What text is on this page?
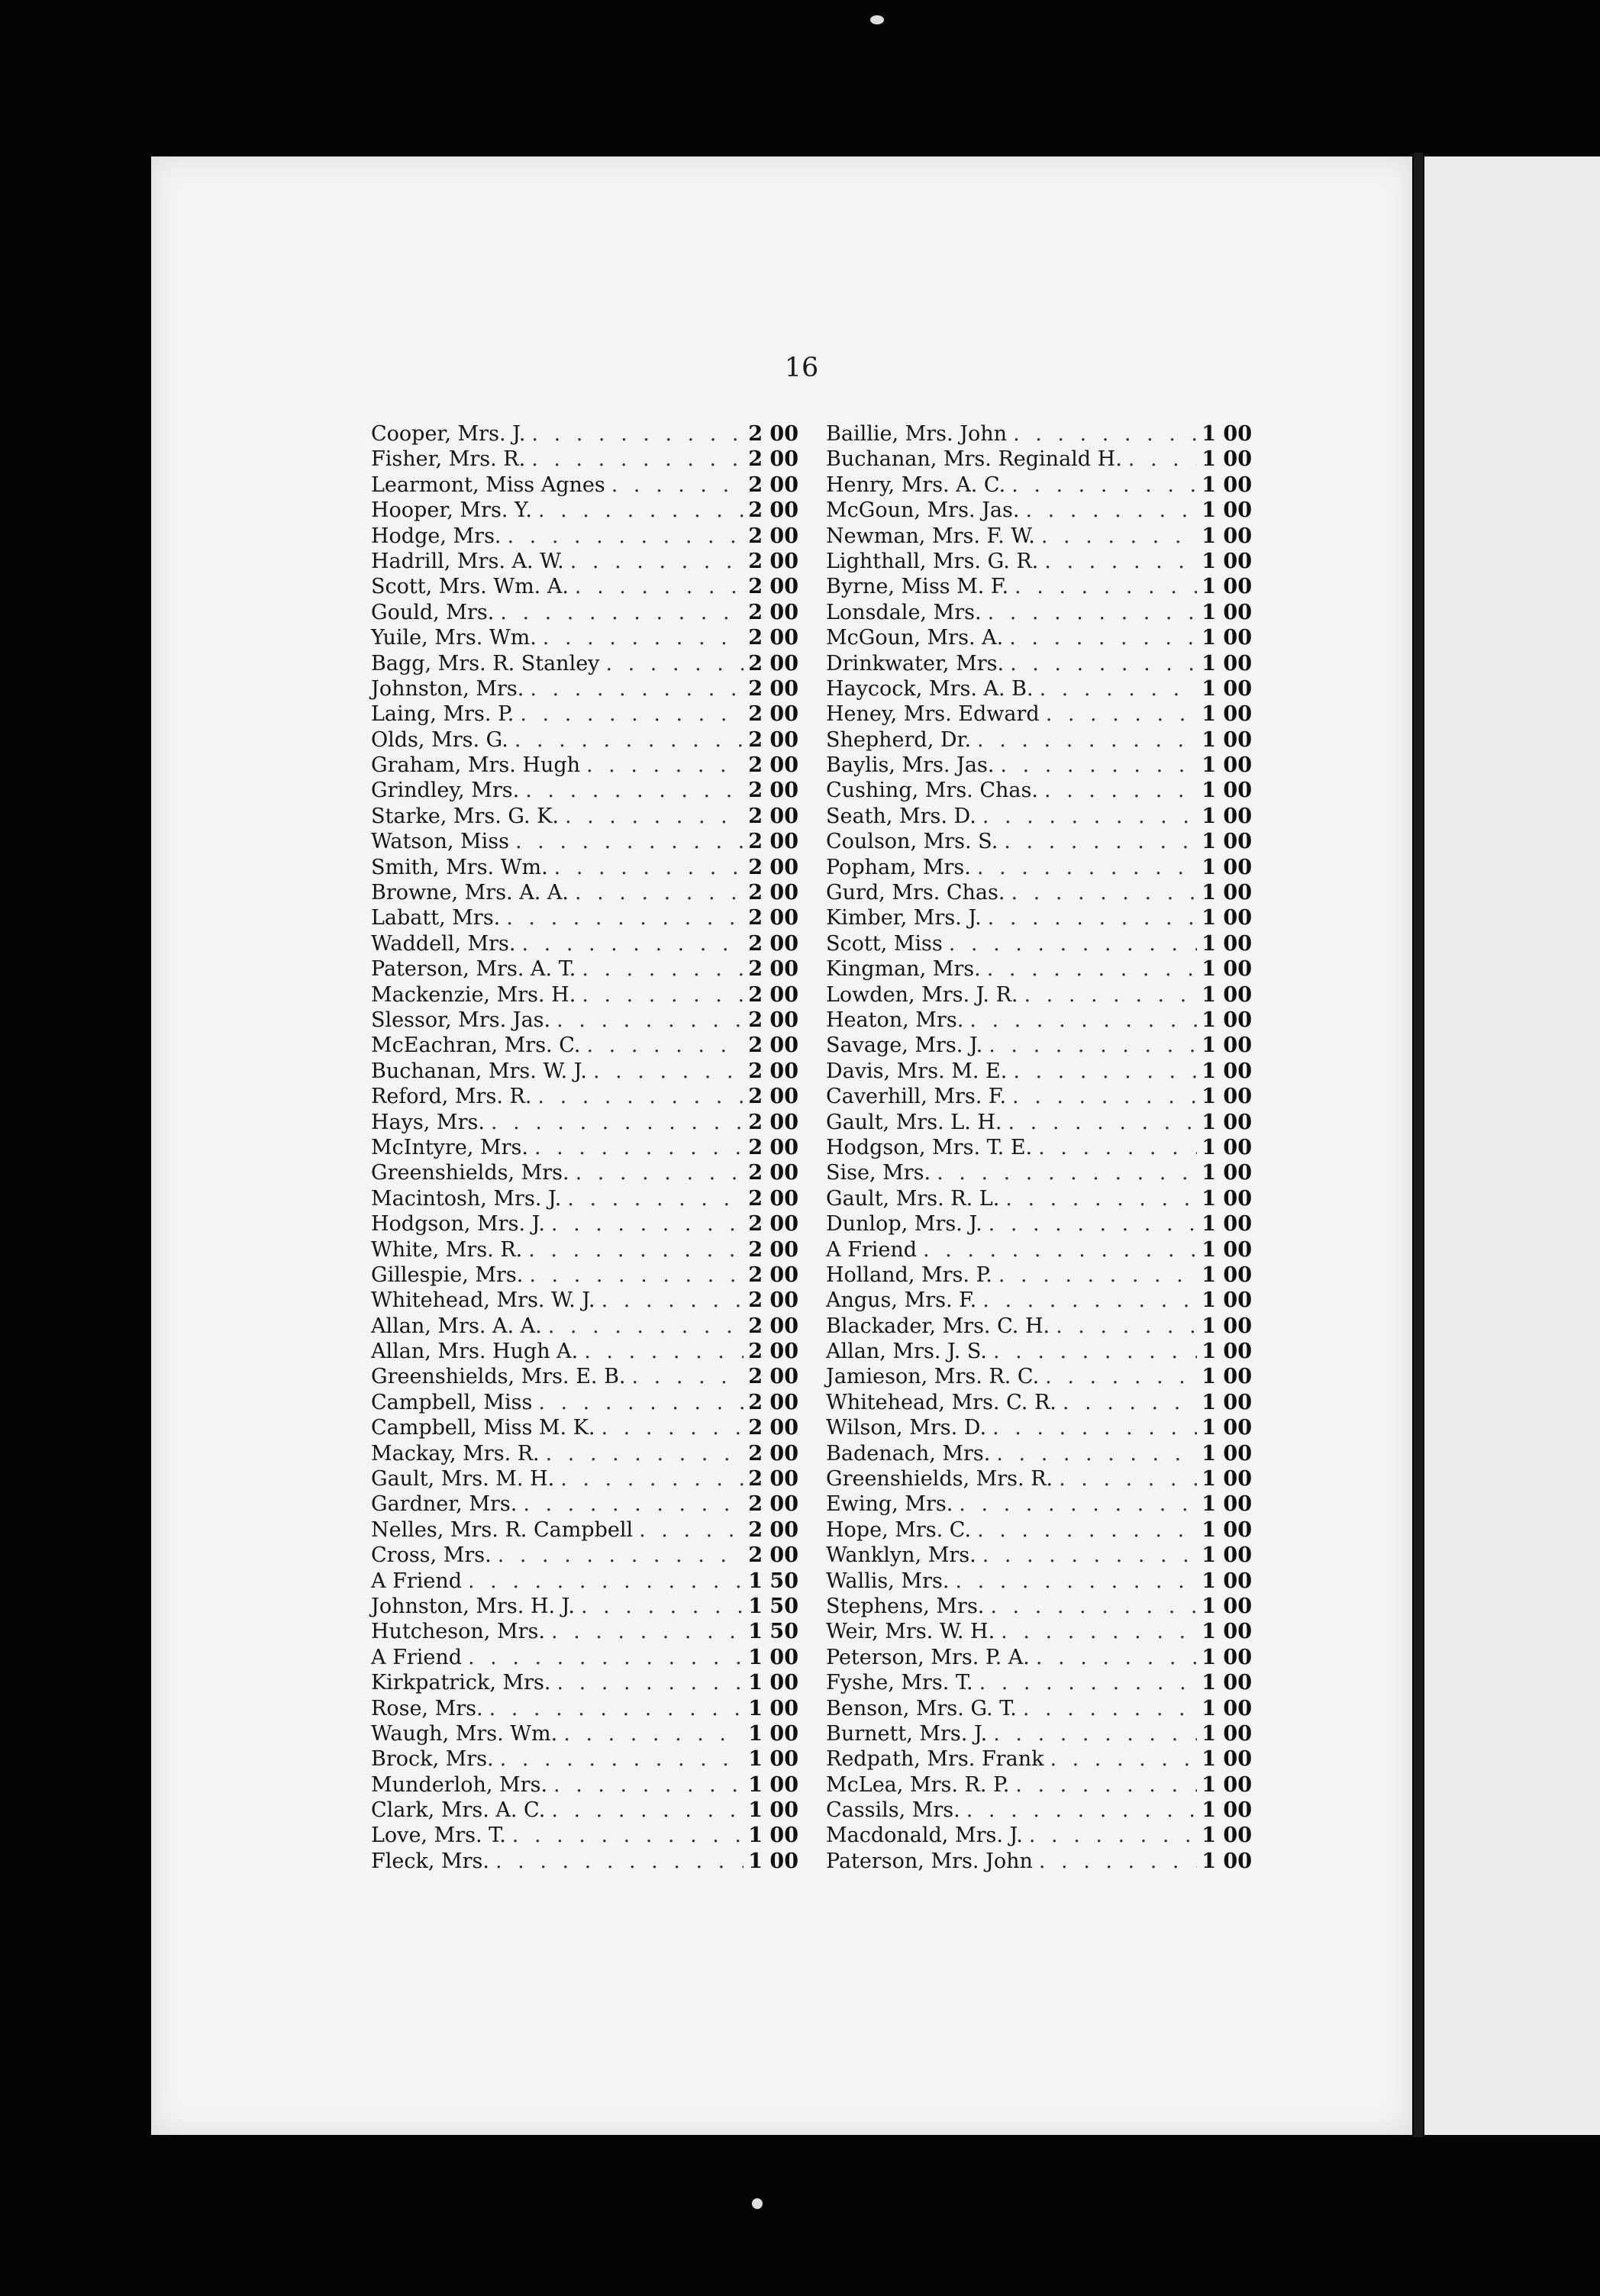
16
Cooper, Mrs. J. . . .	2 00
Fisher, Mrs. R. . . .	2 00
Learmont, Miss Agnes . . .	2 00
Hooper, Mrs. Y. . . .	2 00
Hodge, Mrs. . . .	2 00
Hadrill, Mrs. A. W. . . .	2 00
Scott, Mrs. Wm. A. . . .	2 00
Gould, Mrs. . . .	2 00
Yuile, Mrs. Wm. . . .	2 00
Bagg, Mrs. R. Stanley . . .	2 00
Johnston, Mrs. . . .	2 00
Laing, Mrs. P. . . .	2 00
Olds, Mrs. G. . . .	2 00
Graham, Mrs. Hugh . . .	2 00
Grindley, Mrs. . . .	2 00
Starke, Mrs. G. K. . . .	2 00
Watson, Miss . . .	2 00
Smith, Mrs. Wm. . . .	2 00
Browne, Mrs. A. A. . . .	2 00
Labatt, Mrs. . . .	2 00
Waddell, Mrs. . . .	2 00
Paterson, Mrs. A. T. . . .	2 00
Mackenzie, Mrs. H. . . .	2 00
Slessor, Mrs. Jas. . . .	2 00
McEachran, Mrs. C. . . .	2 00
Buchanan, Mrs. W. J. . . .	2 00
Reford, Mrs. R. . . .	2 00
Hays, Mrs. . . .	2 00
McIntyre, Mrs. . . .	2 00
Greenshields, Mrs. . . .	2 00
Macintosh, Mrs. J. . . .	2 00
Hodgson, Mrs. J. . . .	2 00
White, Mrs. R. . . .	2 00
Gillespie, Mrs. . . .	2 00
Whitehead, Mrs. W. J. . . .	2 00
Allan, Mrs. A. A. . . .	2 00
Allan, Mrs. Hugh A. . . .	2 00
Greenshields, Mrs. E. B. . . .	2 00
Campbell, Miss . . .	2 00
Campbell, Miss M. K. . . .	2 00
Mackay, Mrs. R. . . .	2 00
Gault, Mrs. M. H. . . .	2 00
Gardner, Mrs. . . .	2 00
Nelles, Mrs. R. Campbell . . .	2 00
Cross, Mrs. . . .	2 00
A Friend . . .	1 50
Johnston, Mrs. H. J. . . .	1 50
Hutcheson, Mrs. . . .	1 50
A Friend . . .	1 00
Kirkpatrick, Mrs. . . .	1 00
Rose, Mrs. . . .	1 00
Waugh, Mrs. Wm. . . .	1 00
Brock, Mrs. . . .	1 00
Munderloh, Mrs. . . .	1 00
Clark, Mrs. A. C. . . .	1 00
Love, Mrs. T. . . .	1 00
Fleck, Mrs. . . .	1 00
Baillie, Mrs. John . . .	1 00
Buchanan, Mrs. Reginald H. . . .	1 00
Henry, Mrs. A. C. . . .	1 00
McGoun, Mrs. Jas. . . .	1 00
Newman, Mrs. F. W. . . .	1 00
Lighthall, Mrs. G. R. . . .	1 00
Byrne, Miss M. F. . . .	1 00
Lonsdale, Mrs. . . .	1 00
McGoun, Mrs. A. . . .	1 00
Drinkwater, Mrs. . . .	1 00
Haycock, Mrs. A. B. . . .	1 00
Heney, Mrs. Edward . . .	1 00
Shepherd, Dr. . . .	1 00
Baylis, Mrs. Jas. . . .	1 00
Cushing, Mrs. Chas. . . .	1 00
Seath, Mrs. D. . . .	1 00
Coulson, Mrs. S. . . .	1 00
Popham, Mrs. . . .	1 00
Gurd, Mrs. Chas. . . .	1 00
Kimber, Mrs. J. . . .	1 00
Scott, Miss . . .	1 00
Kingman, Mrs. . . .	1 00
Lowden, Mrs. J. R. . . .	1 00
Heaton, Mrs. . . .	1 00
Savage, Mrs. J. . . .	1 00
Davis, Mrs. M. E. . . .	1 00
Caverhill, Mrs. F. . . .	1 00
Gault, Mrs. L. H. . . .	1 00
Hodgson, Mrs. T. E. . . .	1 00
Sise, Mrs. . . .	1 00
Gault, Mrs. R. L. . . .	1 00
Dunlop, Mrs. J. . . .	1 00
A Friend . . .	1 00
Holland, Mrs. P. . . .	1 00
Angus, Mrs. F. . . .	1 00
Blackader, Mrs. C. H. . . .	1 00
Allan, Mrs. J. S. . . .	1 00
Jamieson, Mrs. R. C. . . .	1 00
Whitehead, Mrs. C. R. . . .	1 00
Wilson, Mrs. D. . . .	1 00
Badenach, Mrs. . . .	1 00
Greenshields, Mrs. R. . . .	1 00
Ewing, Mrs. . . .	1 00
Hope, Mrs. C. . . .	1 00
Wanklyn, Mrs. . . .	1 00
Wallis, Mrs. . . .	1 00
Stephens, Mrs. . . .	1 00
Weir, Mrs. W. H. . . .	1 00
Peterson, Mrs. P. A. . . .	1 00
Fyshe, Mrs. T. . . .	1 00
Benson, Mrs. G. T. . . .	1 00
Burnett, Mrs. J. . . .	1 00
Redpath, Mrs. Frank . . .	1 00
McLea, Mrs. R. P. . . .	1 00
Cassils, Mrs. . . .	1 00
Macdonald, Mrs. J. . . .	1 00
Paterson, Mrs. John . . .	1 00
